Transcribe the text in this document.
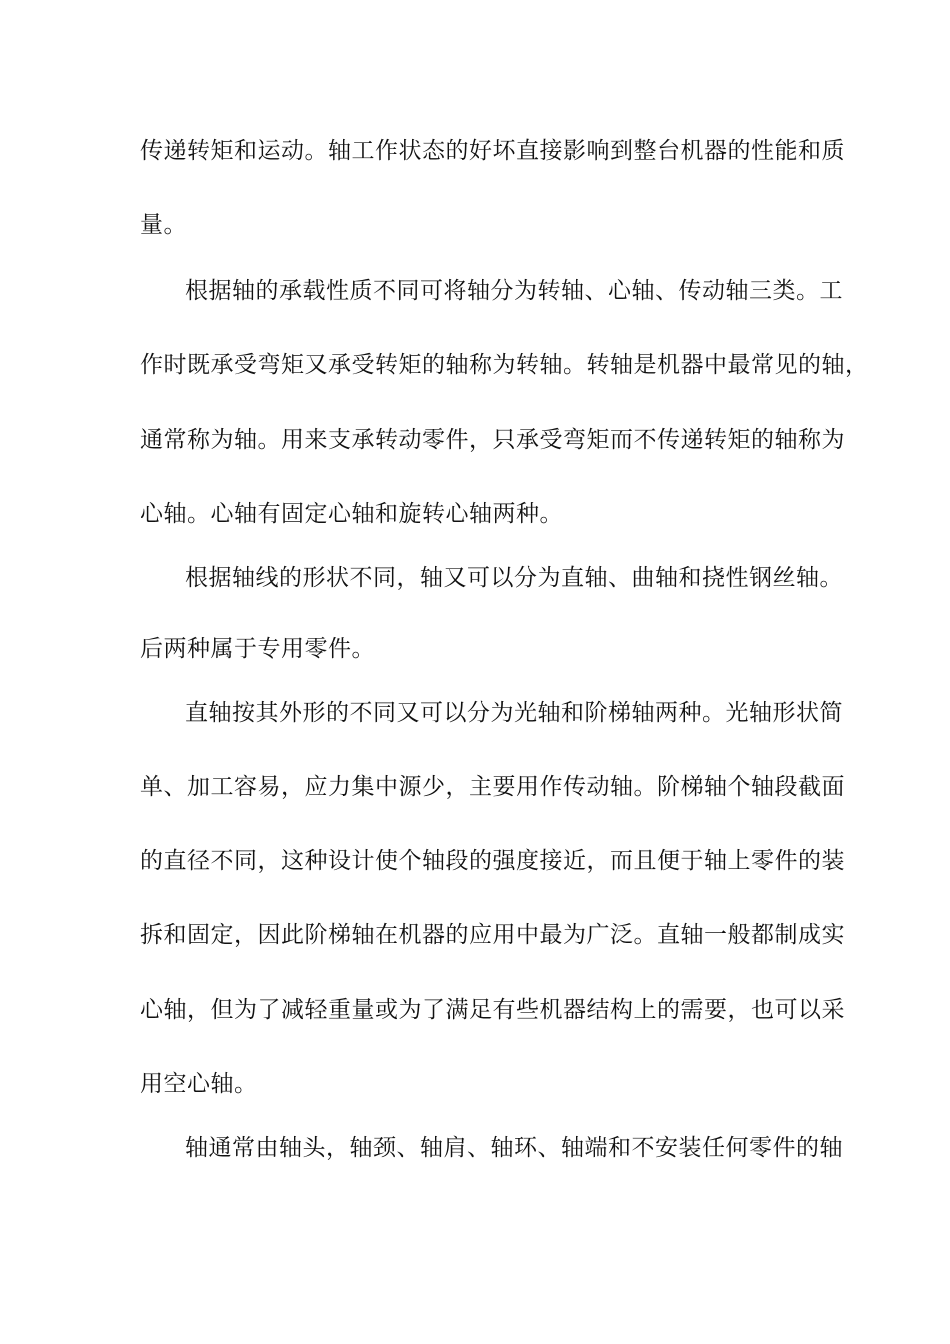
传递转矩和运动。轴工作状态的好坏直接影响到整台机器的性能和质
量。
根据轴的承载性质不同可将轴分为转轴、心轴、传动轴三类。工
作时既承受弯矩又承受转矩的轴称为转轴。转轴是机器中最常见的轴，
通常称为轴。用来支承转动零件，只承受弯矩而不传递转矩的轴称为
心轴。心轴有固定心轴和旋转心轴两种。
根据轴线的形状不同，轴又可以分为直轴、曲轴和挠性钢丝轴。
后两种属于专用零件。
直轴按其外形的不同又可以分为光轴和阶梯轴两种。光轴形状简
单、加工容易，应力集中源少，主要用作传动轴。阶梯轴个轴段截面
的直径不同，这种设计使个轴段的强度接近，而且便于轴上零件的装
拆和固定，因此阶梯轴在机器的应用中最为广泛。直轴一般都制成实
心轴，但为了减轻重量或为了满足有些机器结构上的需要，也可以采
用空心轴。
轴通常由轴头，轴颈、轴肩、轴环、轴端和不安装任何零件的轴
